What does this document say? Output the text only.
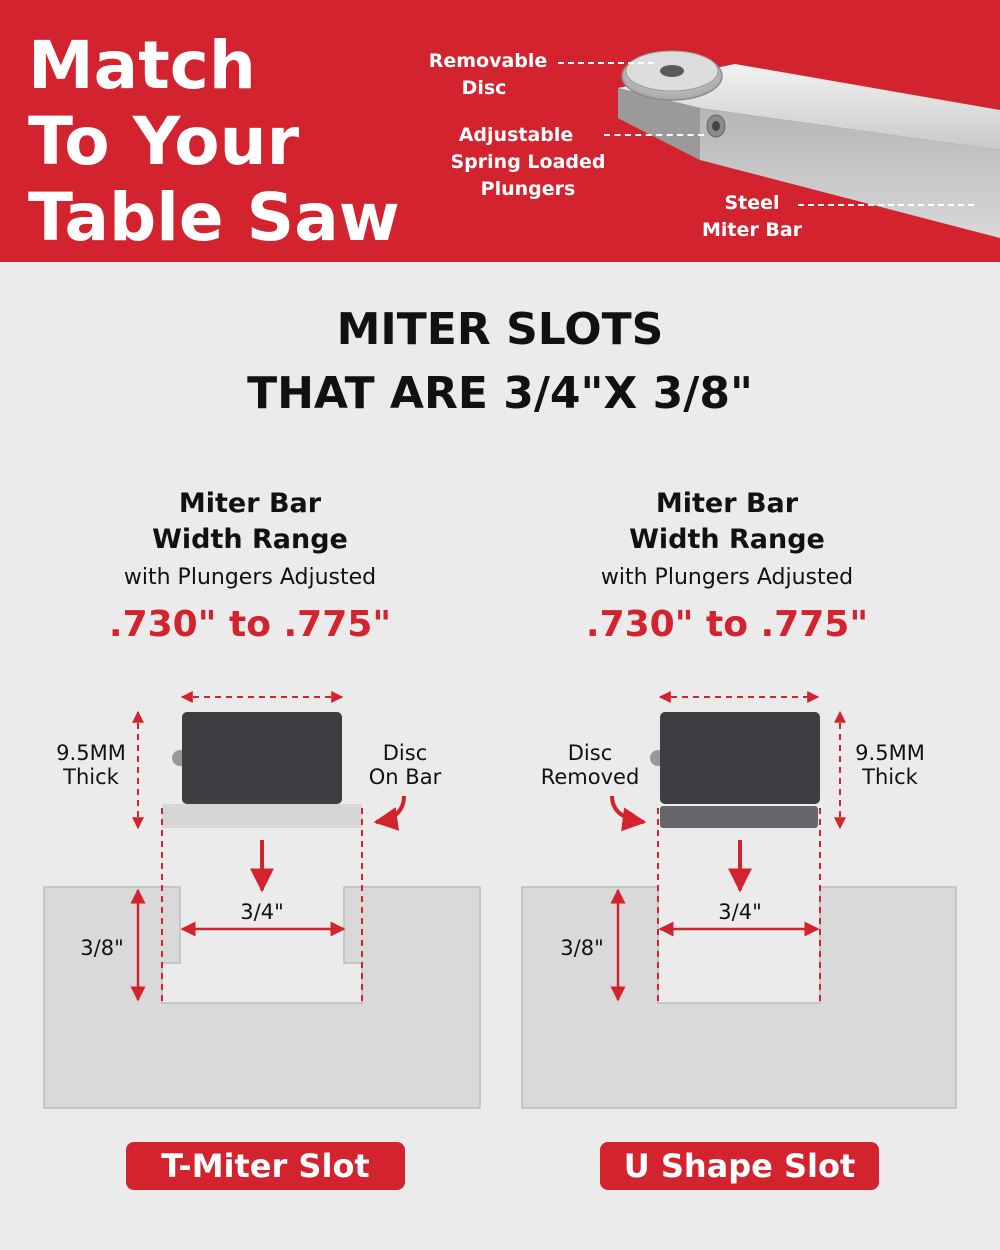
Match
To Your
Table Saw
Removable
Disc
Adjustable
Spring Loaded
Plungers
Steel
Miter Bar
MITER SLOTS
THAT ARE 3/4"X 3/8"
Miter Bar
Width Range
with Plungers Adjusted
.730" to .775"
Miter Bar
Width Range
with Plungers Adjusted
.730" to .775"
9.5MM
Thick
Disc
On Bar
3/4"
3/8"
Disc
Removed
9.5MM
Thick
3/4"
3/8"
T-Miter Slot	U Shape Slot
